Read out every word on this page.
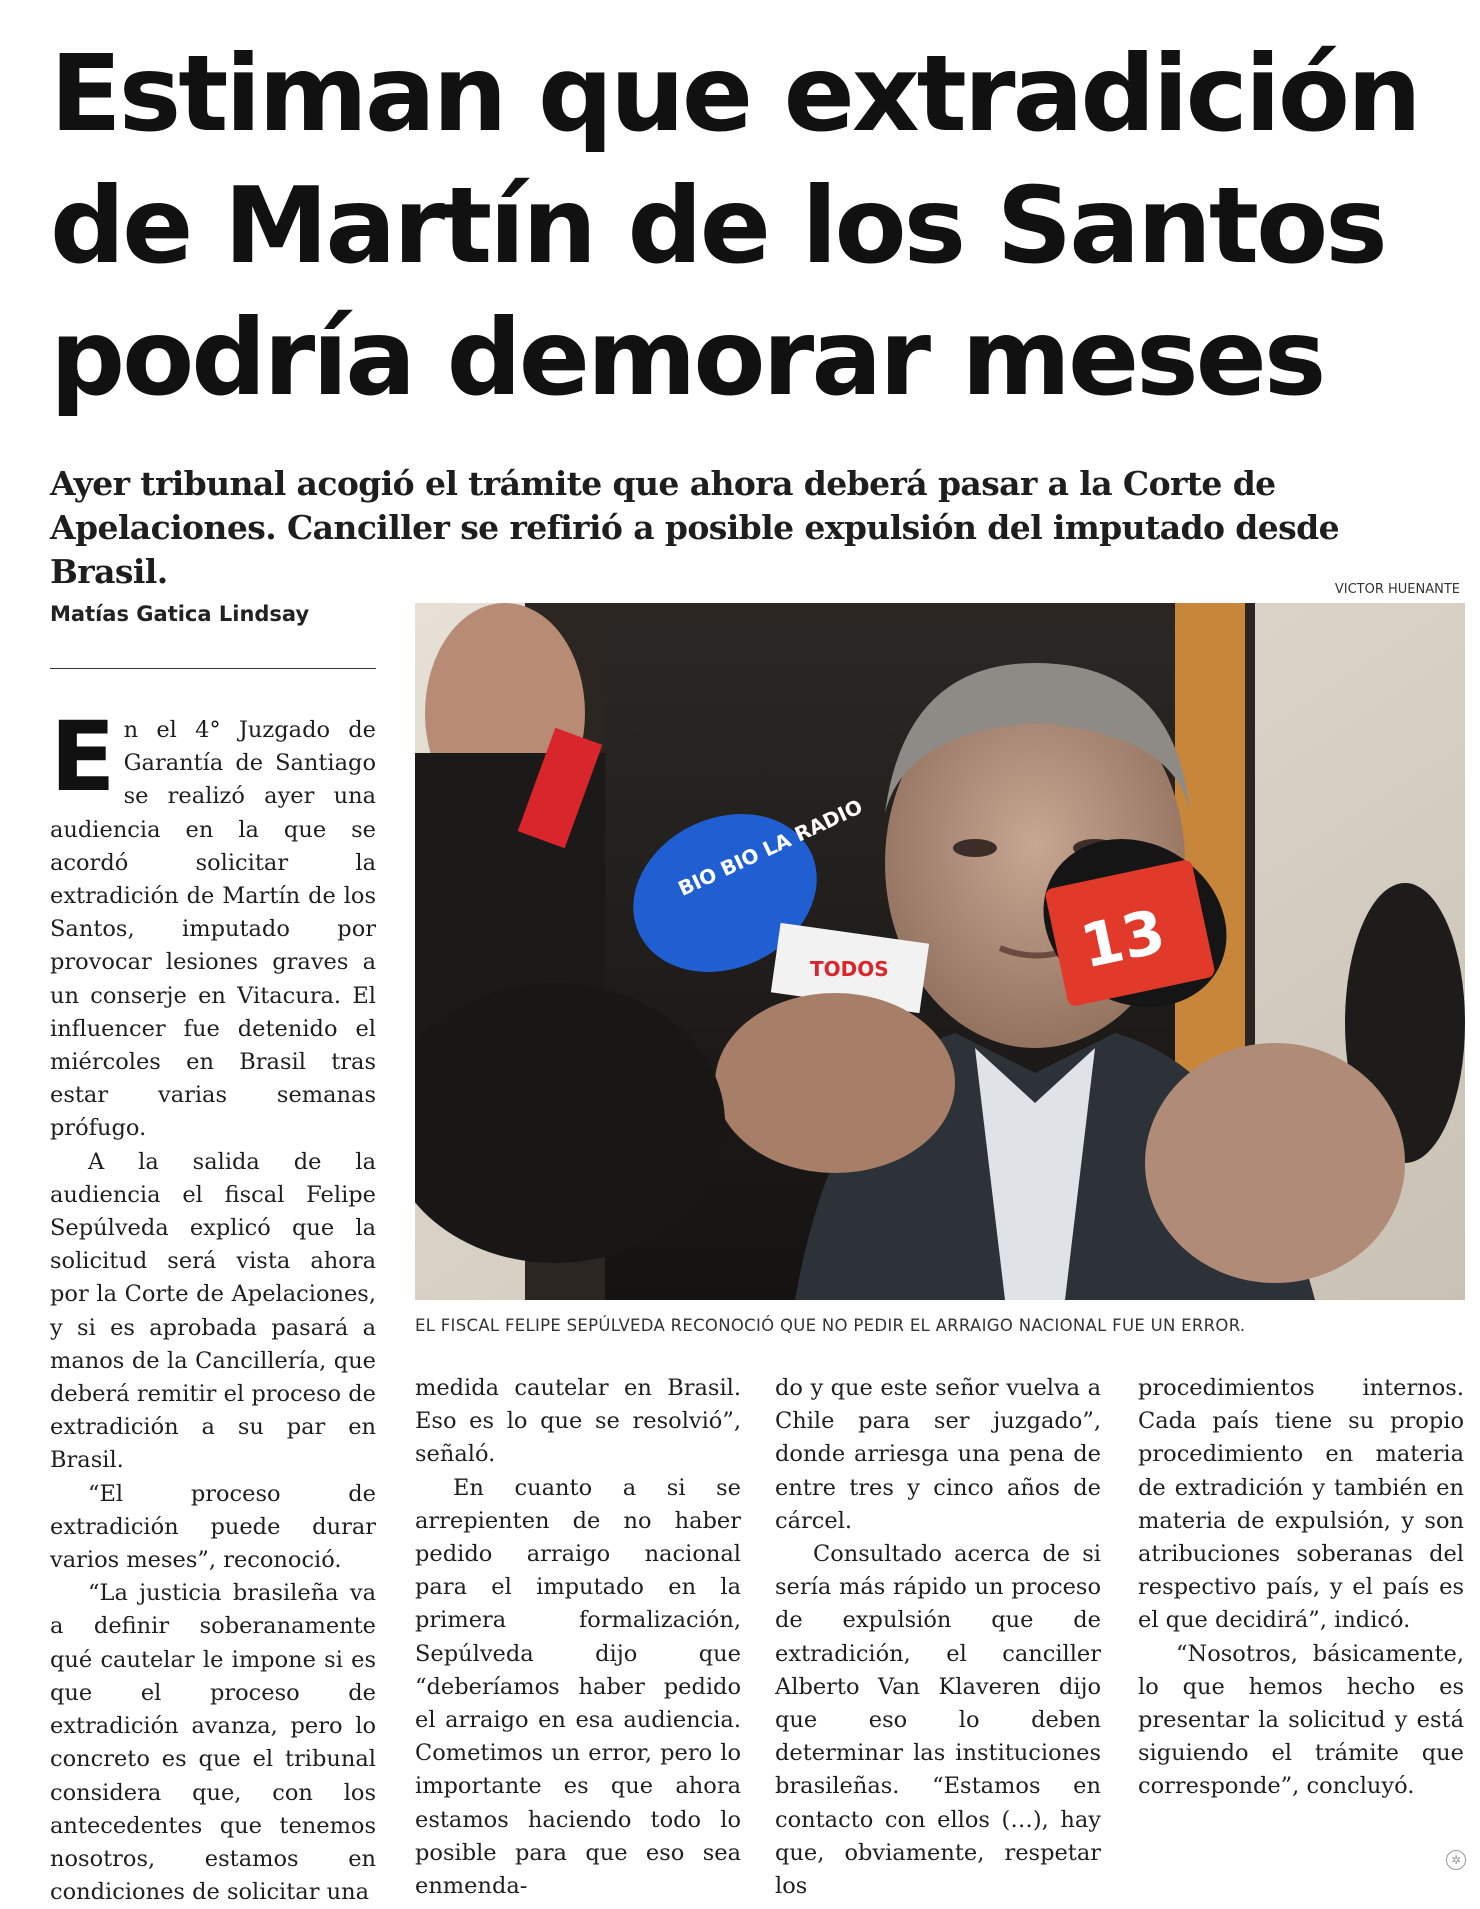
Estiman que extradición de Martín de los Santos podría demorar meses

Ayer tribunal acogió el trámite que ahora deberá pasar a la Corte de Apelaciones. Canciller se refirió a posible expulsión del imputado desde Brasil.

Matías Gatica Lindsay
VICTOR HUENANTE
BIO BIO LA RADIO
TODOS	13
EL FISCAL FELIPE SEPÚLVEDA RECONOCIÓ QUE NO PEDIR EL ARRAIGO NACIONAL FUE UN ERROR.

En el 4° Juzgado de Garantía de Santiago se realizó ayer una audiencia en la que se acordó solicitar la extradición de Martín de los Santos, imputado por provocar lesiones graves a un conserje en Vitacura. El influencer fue detenido el miércoles en Brasil tras estar varias semanas prófugo.

A la salida de la audiencia el fiscal Felipe Sepúlveda explicó que la solicitud será vista ahora por la Corte de Apelaciones, y si es aprobada pasará a manos de la Cancillería, que deberá remitir el proceso de extradición a su par en Brasil.

“El proceso de extradición puede durar varios meses”, reconoció.

“La justicia brasileña va a definir soberanamente qué cautelar le impone si es que el proceso de extradición avanza, pero lo concreto es que el tribunal considera que, con los antecedentes que tenemos nosotros, estamos en condiciones de solicitar una

medida cautelar en Brasil. Eso es lo que se resolvió”, señaló.

En cuanto a si se arrepienten de no haber pedido arraigo nacional para el imputado en la primera formalización, Sepúlveda dijo que “deberíamos haber pedido el arraigo en esa audiencia. Cometimos un error, pero lo importante es que ahora estamos haciendo todo lo posible para que eso sea enmenda-

do y que este señor vuelva a Chile para ser juzgado”, donde arriesga una pena de entre tres y cinco años de cárcel.

Consultado acerca de si sería más rápido un proceso de expulsión que de extradición, el canciller Alberto Van Klaveren dijo que eso lo deben determinar las instituciones brasileñas. “Estamos en contacto con ellos (…), hay que, obviamente, respetar los

procedimientos internos. Cada país tiene su propio procedimiento en materia de extradición y también en materia de expulsión, y son atribuciones soberanas del respectivo país, y el país es el que decidirá”, indicó.

“Nosotros, básicamente, lo que hemos hecho es presentar la solicitud y está siguiendo el trámite que corresponde”, concluyó.

✲
